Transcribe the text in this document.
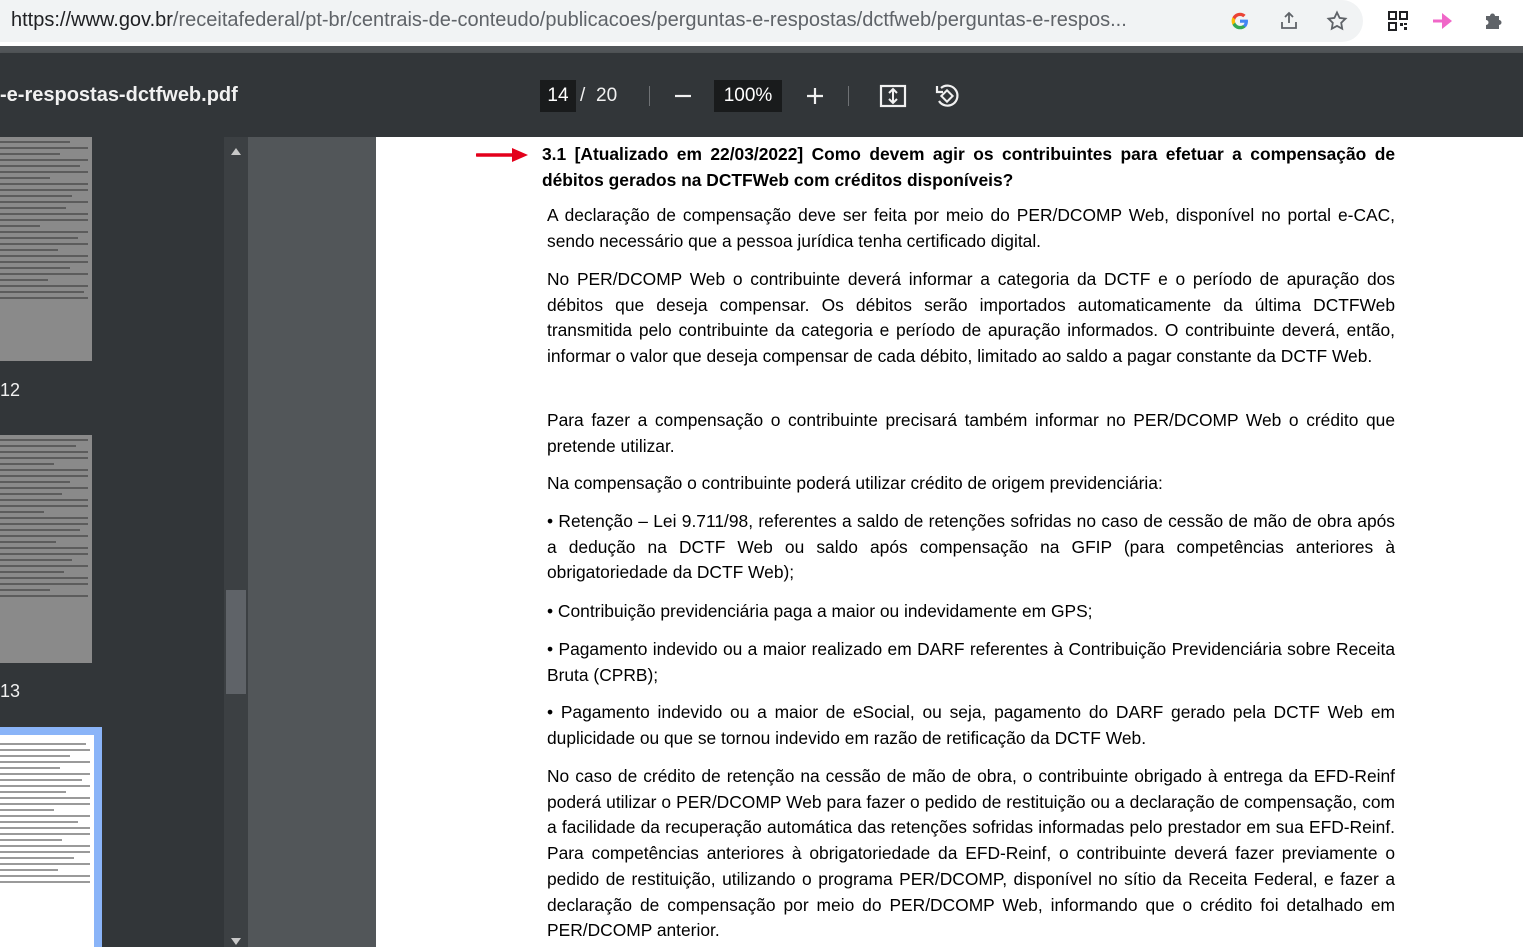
https://www.gov.br/receitafederal/pt-br/centrais-de-conteudo/publicacoes/perguntas-e-respostas/dctfweb/perguntas-e-respos...
-e-respostas-dctfweb.pdf	14 / 20	100%
12
13
3.1 [Atualizado em 22/03/2022] Como devem agir os contribuintes para efetuar a compensação de débitos gerados na DCTFWeb com créditos disponíveis?
A declaração de compensação deve ser feita por meio do PER/DCOMP Web, disponível no portal e-CAC, sendo necessário que a pessoa jurídica tenha certificado digital.
No PER/DCOMP Web o contribuinte deverá informar a categoria da DCTF e o período de apuração dos débitos que deseja compensar. Os débitos serão importados automaticamente da última DCTFWeb transmitida pelo contribuinte da categoria e período de apuração informados. O contribuinte deverá, então, informar o valor que deseja compensar de cada débito, limitado ao saldo a pagar constante da DCTF Web.
Para fazer a compensação o contribuinte precisará também informar no PER/DCOMP Web o crédito que pretende utilizar.
Na compensação o contribuinte poderá utilizar crédito de origem previdenciária:
• Retenção – Lei 9.711/98, referentes a saldo de retenções sofridas no caso de cessão de mão de obra após a dedução na DCTF Web ou saldo após compensação na GFIP (para competências anteriores à obrigatoriedade da DCTF Web);
• Contribuição previdenciária paga a maior ou indevidamente em GPS;
• Pagamento indevido ou a maior realizado em DARF referentes à Contribuição Previdenciária sobre Receita Bruta (CPRB);
• Pagamento indevido ou a maior de eSocial, ou seja, pagamento do DARF gerado pela DCTF Web em duplicidade ou que se tornou indevido em razão de retificação da DCTF Web.
No caso de crédito de retenção na cessão de mão de obra, o contribuinte obrigado à entrega da EFD-Reinf poderá utilizar o PER/DCOMP Web para fazer o pedido de restituição ou a declaração de compensação, com a facilidade da recuperação automática das retenções sofridas informadas pelo prestador em sua EFD-Reinf. Para competências anteriores à obrigatoriedade da EFD-Reinf, o contribuinte deverá fazer previamente o pedido de restituição, utilizando o programa PER/DCOMP, disponível no sítio da Receita Federal, e fazer a declaração de compensação por meio do PER/DCOMP Web, informando que o crédito foi detalhado em PER/DCOMP anterior.
